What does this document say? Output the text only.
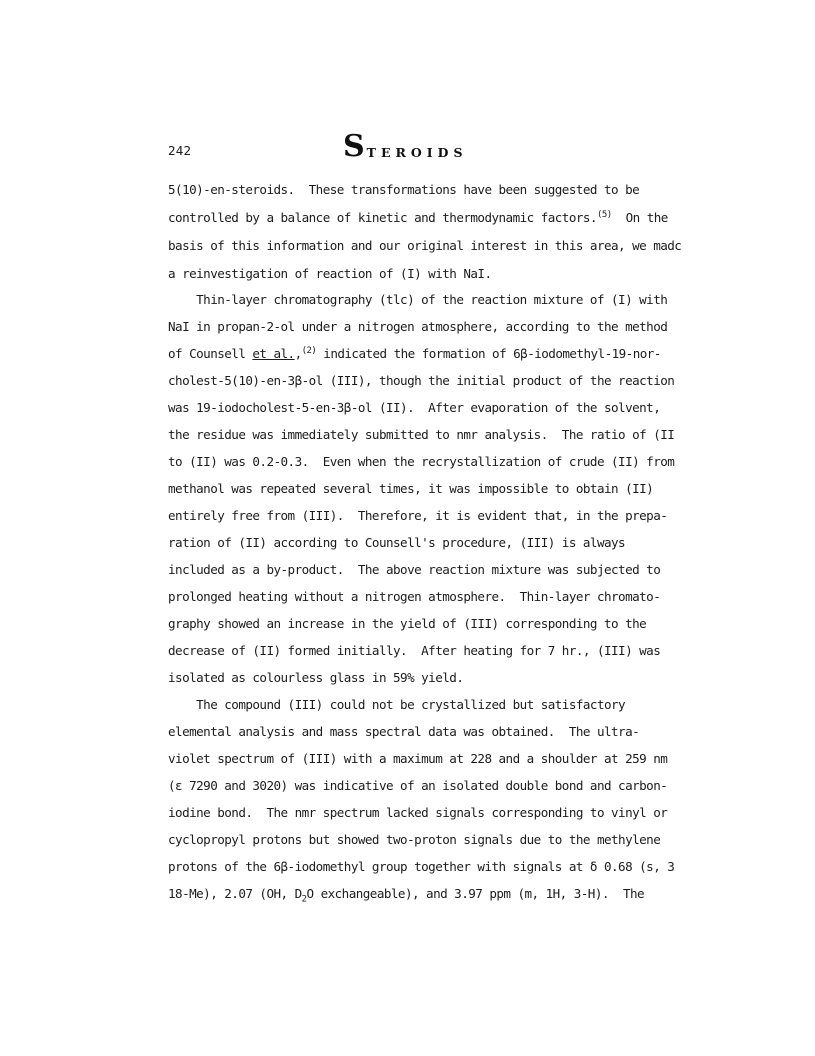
242	STEROIDS
5(10)-en-steroids.  These transformations have been suggested to be
controlled by a balance of kinetic and thermodynamic factors.$^{(5)}$  On the
basis of this information and our original interest in this area, we madс
a reinvestigation of reaction of (I) with NaI.
Thin-layer chromatography (tlc) of the reaction mixture of (I) with
NaI in propan-2-ol under a nitrogen atmosphere, according to the method
of Counsell et al.,$^{(2)}$ indicated the formation of 6β-iodomethyl-19-nor-
cholest-5(10)-en-3β-ol (III), though the initial product of the reaction
was 19-iodocholest-5-en-3β-ol (II).  After evaporation of the solvent,
the residue was immediately submitted to nmr analysis.  The ratio of (II
to (II) was 0.2-0.3.  Even when the recrystallization of crude (II) from
methanol was repeated several times, it was impossible to obtain (II)
entirely free from (III).  Therefore, it is evident that, in the prepa-
ration of (II) according to Counsell's procedure, (III) is always
included as a by-product.  The above reaction mixture was subjected to
prolonged heating without a nitrogen atmosphere.  Thin-layer chromato-
graphy showed an increase in the yield of (III) corresponding to the
decrease of (II) formed initially.  After heating for 7 hr., (III) was
isolated as colourless glass in 59% yield.
The compound (III) could not be crystallized but satisfactory
elemental analysis and mass spectral data was obtained.  The ultra-
violet spectrum of (III) with a maximum at 228 and a shoulder at 259 nm
(ε 7290 and 3020) was indicative of an isolated double bond and carbon-
iodine bond.  The nmr spectrum lacked signals corresponding to vinyl or
cyclopropyl protons but showed two-proton signals due to the methylene
protons of the 6β-iodomethyl group together with signals at δ 0.68 (s, 3
18-Me), 2.07 (OH, $D_2O$ exchangeable), and 3.97 ppm (m, 1H, 3-H).  The
